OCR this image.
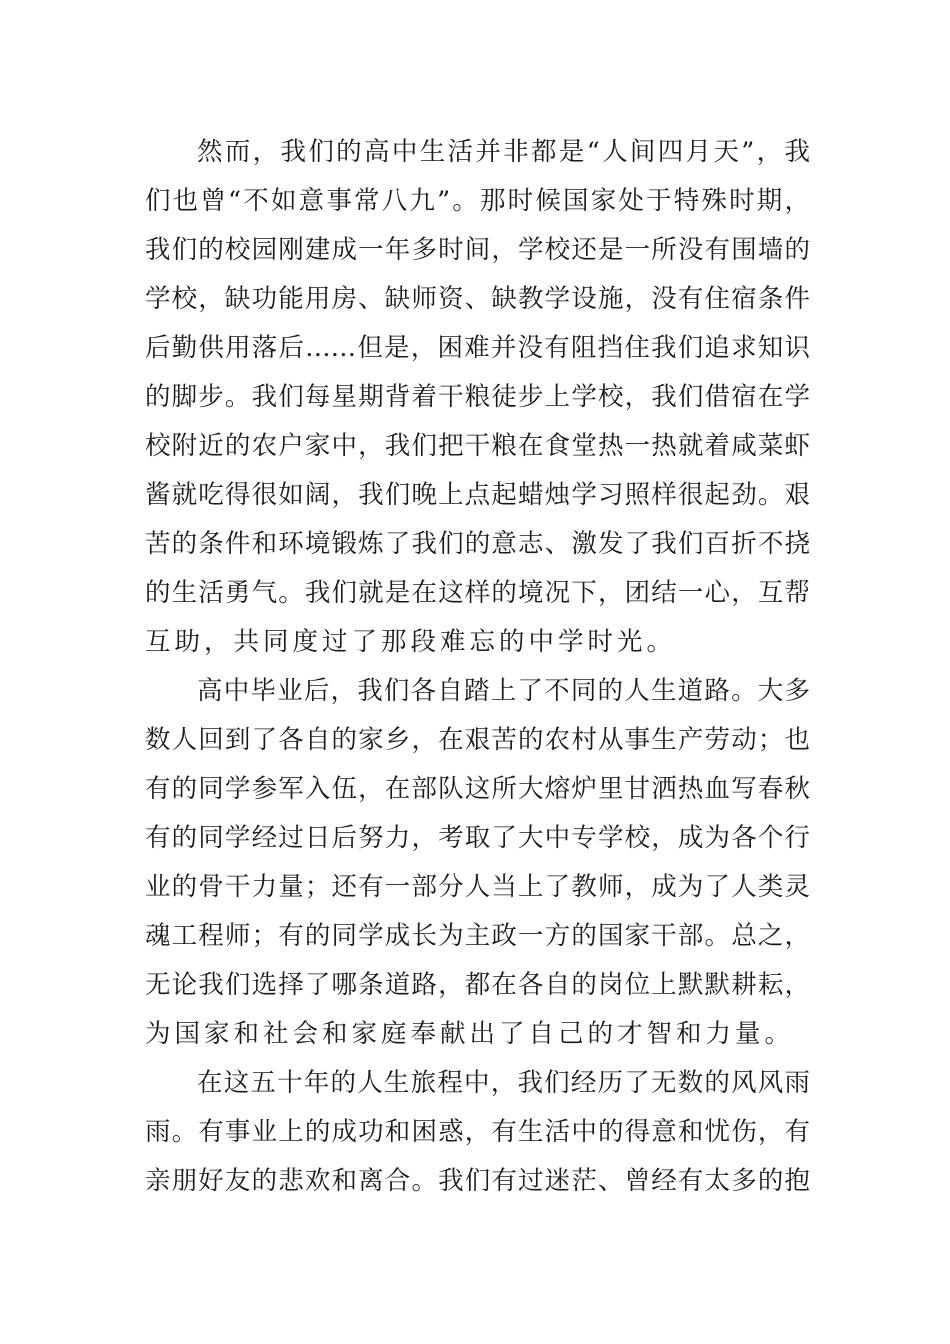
然而，我们的高中生活并非都是“人间四月天”，我
们也曾“不如意事常八九”。那时候国家处于特殊时期，
我们的校园刚建成一年多时间，学校还是一所没有围墙的
学校，缺功能用房、缺师资、缺教学设施，没有住宿条件
后勤供用落后……但是，困难并没有阻挡住我们追求知识
的脚步。我们每星期背着干粮徒步上学校，我们借宿在学
校附近的农户家中，我们把干粮在食堂热一热就着咸菜虾
酱就吃得很如阔，我们晚上点起蜡烛学习照样很起劲。艰
苦的条件和环境锻炼了我们的意志、激发了我们百折不挠
的生活勇气。我们就是在这样的境况下，团结一心，互帮
互助，共同度过了那段难忘的中学时光。
高中毕业后，我们各自踏上了不同的人生道路。大多
数人回到了各自的家乡，在艰苦的农村从事生产劳动；也
有的同学参军入伍，在部队这所大熔炉里甘洒热血写春秋
有的同学经过日后努力，考取了大中专学校，成为各个行
业的骨干力量；还有一部分人当上了教师，成为了人类灵
魂工程师；有的同学成长为主政一方的国家干部。总之，
无论我们选择了哪条道路，都在各自的岗位上默默耕耘，
为国家和社会和家庭奉献出了自己的才智和力量。
在这五十年的人生旅程中，我们经历了无数的风风雨
雨。有事业上的成功和困惑，有生活中的得意和忧伤，有
亲朋好友的悲欢和离合。我们有过迷茫、曾经有太多的抱
